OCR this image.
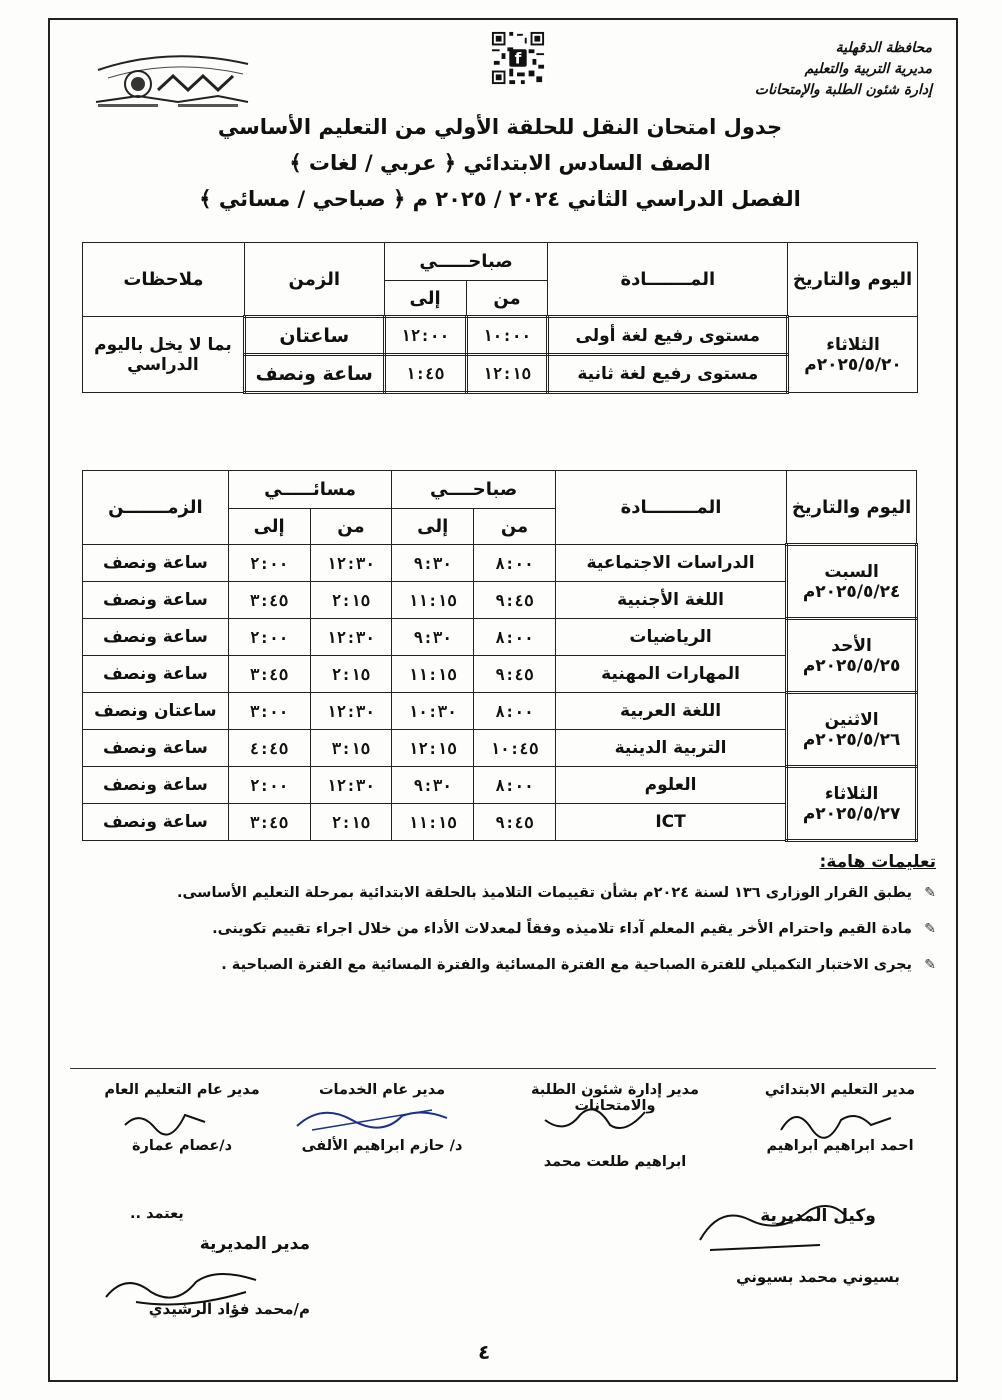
محافظة الدقهلية
مديرية التربية والتعليم
إدارة شئون الطلبة والإمتحانات
f
جدول امتحان النقل للحلقة الأولي من التعليم الأساسي
الصف السادس الابتدائي ﴿ عربي / لغات ﴾
الفصل الدراسي الثاني ٢٠٢٤ / ٢٠٢٥ م ﴿ صباحي / مسائي ﴾
اليوم والتاريخ	المـــــــادة	صباحـــــي		الزمن	ملاحظات
		من	إلى		

الثلاثاء
٢٠٢٥/٥/٢٠م	مستوى رفيع لغة أولى	١٠:٠٠	١٢:٠٠	ساعتان	بما لا يخل باليوم الدراسي
	مستوى رفيع لغة ثانية	١٢:١٥	١:٤٥	ساعة ونصف	
اليوم والتاريخ	المــــــــادة	صباحــــي		مسائـــــي		الزمـــــــن
		من	إلى	من	إلى	

السبت
٢٠٢٥/٥/٢٤م	الدراسات الاجتماعية	٨:٠٠	٩:٣٠	١٢:٣٠	٢:٠٠	ساعة ونصف
	اللغة الأجنبية	٩:٤٥	١١:١٥	٢:١٥	٣:٤٥	ساعة ونصف

الأحد
٢٠٢٥/٥/٢٥م	الرياضيات	٨:٠٠	٩:٣٠	١٢:٣٠	٢:٠٠	ساعة ونصف
	المهارات المهنية	٩:٤٥	١١:١٥	٢:١٥	٣:٤٥	ساعة ونصف

الاثنين
٢٠٢٥/٥/٢٦م	اللغة العربية	٨:٠٠	١٠:٣٠	١٢:٣٠	٣:٠٠	ساعتان ونصف
	التربية الدينية	١٠:٤٥	١٢:١٥	٣:١٥	٤:٤٥	ساعة ونصف

الثلاثاء
٢٠٢٥/٥/٢٧م	العلوم	٨:٠٠	٩:٣٠	١٢:٣٠	٢:٠٠	ساعة ونصف
	ICT	٩:٤٥	١١:١٥	٢:١٥	٣:٤٥	ساعة ونصف
تعليمات هامة:
✎
يطبق القرار الوزارى ١٣٦ لسنة ٢٠٢٤م بشأن تقييمات التلاميذ بالحلقة الابتدائية بمرحلة التعليم الأساسى.
✎
مادة القيم واحترام الأخر يقيم المعلم آداء تلاميذه وفقاً لمعدلات الأداء من خلال اجراء تقييم تكوينى.
✎
يجرى الاختبار التكميلي للفترة الصباحية مع الفترة المسائية والفترة المسائية مع الفترة الصباحية .
مدير التعليم الابتدائي
احمد ابراهيم ابراهيم
مدير إدارة شئون الطلبة والامتحانات
ابراهيم طلعت محمد
مدير عام الخدمات
د/ حازم ابراهيم الألفى
مدير عام التعليم العام
د/عصام عمارة
وكيل المديرية
بسيوني محمد بسيوني
يعتمد ..
مدير المديرية
م/محمد فؤاد الرشيدي
٤
